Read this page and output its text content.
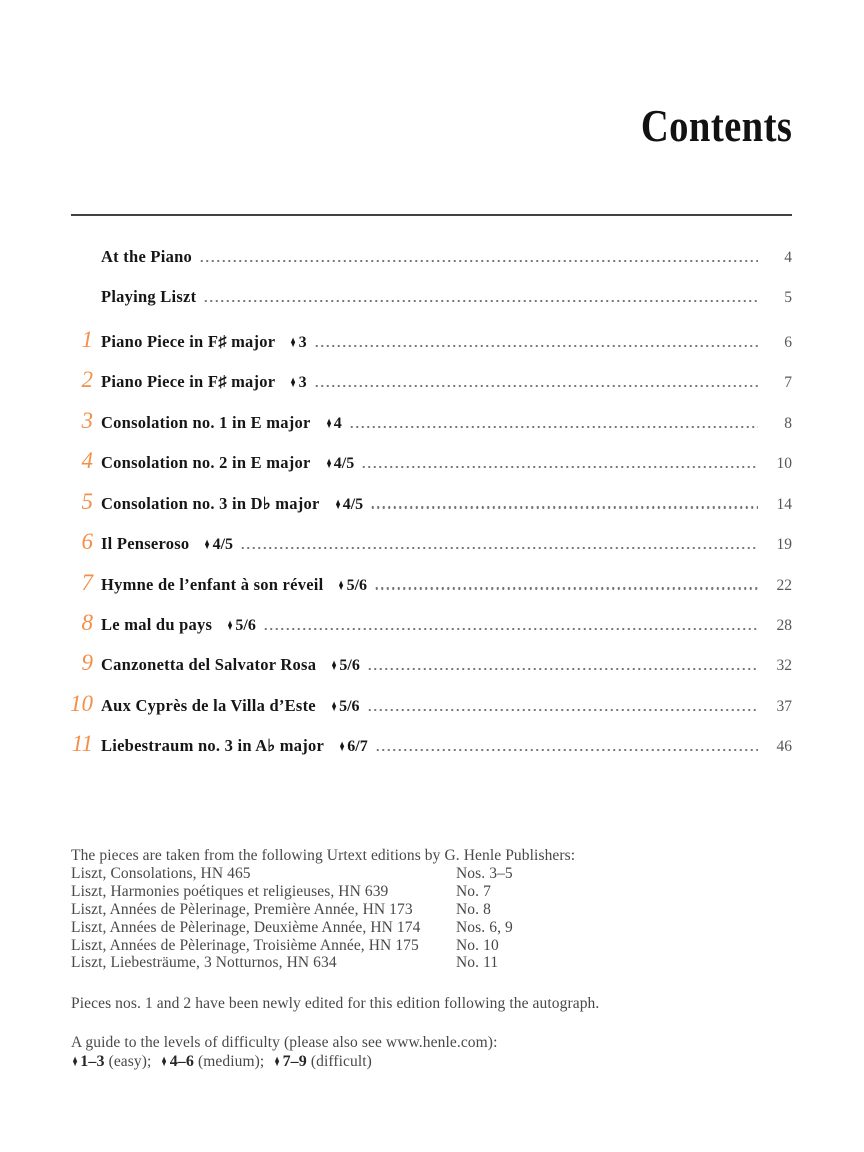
Contents
At the Piano	4
Playing Liszt	5
1 Piano Piece in F♯ major ♦ 3	6
2 Piano Piece in F♯ major ♦ 3	7
3 Consolation no. 1 in E major ♦ 4	8
4 Consolation no. 2 in E major ♦ 4/5	10
5 Consolation no. 3 in D♭ major ♦ 4/5	14
6 Il Penseroso ♦ 4/5	19
7 Hymne de l’enfant à son réveil ♦ 5/6	22
8 Le mal du pays ♦ 5/6	28
9 Canzonetta del Salvator Rosa ♦ 5/6	32
10 Aux Cyprès de la Villa d’Este ♦ 5/6	37
11 Liebestraum no. 3 in A♭ major ♦ 6/7	46
The pieces are taken from the following Urtext editions by G. Henle Publishers:
Liszt, Consolations, HN 465	Nos. 3–5
Liszt, Harmonies poétiques et religieuses, HN 639	No. 7
Liszt, Années de Pèlerinage, Première Année, HN 173	No. 8
Liszt, Années de Pèlerinage, Deuxième Année, HN 174	Nos. 6, 9
Liszt, Années de Pèlerinage, Troisième Année, HN 175	No. 10
Liszt, Liebesträume, 3 Notturnos, HN 634	No. 11
Pieces nos. 1 and 2 have been newly edited for this edition following the autograph.
A guide to the levels of difficulty (please also see www.henle.com):
♦ 1–3 (easy); ♦ 4–6 (medium); ♦ 7–9 (difficult)
